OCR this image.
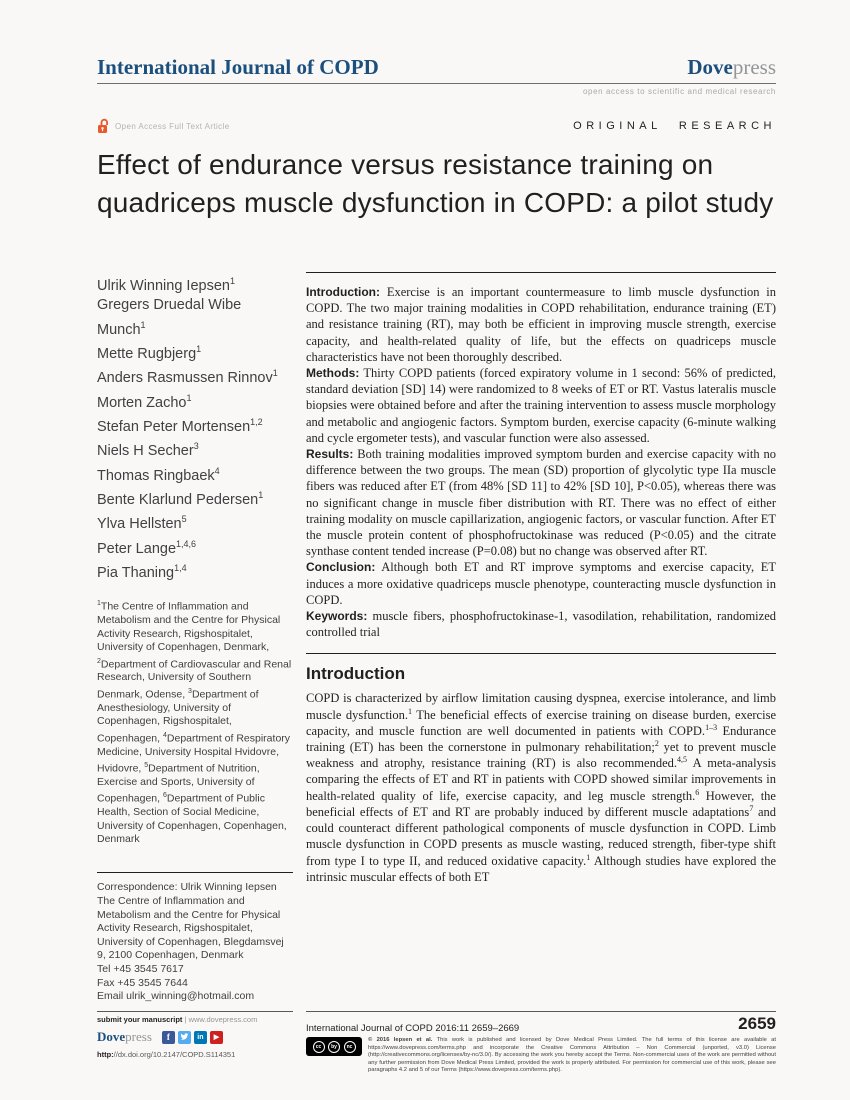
International Journal of COPD	Dovepress
open access to scientific and medical research
Open Access Full Text Article	ORIGINAL RESEARCH
Effect of endurance versus resistance training on quadriceps muscle dysfunction in COPD: a pilot study
Ulrik Winning Iepsen$^1$
Gregers Druedal Wibe Munch$^1$
Mette Rugbjerg$^1$
Anders Rasmussen Rinnov$^1$
Morten Zacho$^1$
Stefan Peter Mortensen$^{1,2}$
Niels H Secher$^3$
Thomas Ringbaek$^4$
Bente Klarlund Pedersen$^1$
Ylva Hellsten$^5$
Peter Lange$^{1,4,6}$
Pia Thaning$^{1,4}$
$^1$The Centre of Inflammation and Metabolism and the Centre for Physical Activity Research, Rigshospitalet, University of Copenhagen, Denmark, $^2$Department of Cardiovascular and Renal Research, University of Southern Denmark, Odense, $^3$Department of Anesthesiology, University of Copenhagen, Rigshospitalet, Copenhagen, $^4$Department of Respiratory Medicine, University Hospital Hvidovre, Hvidovre, $^5$Department of Nutrition, Exercise and Sports, University of Copenhagen, $^6$Department of Public Health, Section of Social Medicine, University of Copenhagen, Copenhagen, Denmark
Correspondence: Ulrik Winning Iepsen
The Centre of Inflammation and Metabolism and the Centre for Physical Activity Research, Rigshospitalet, University of Copenhagen, Blegdamsvej 9, 2100 Copenhagen, Denmark
Tel +45 3545 7617
Fax +45 3545 7644
Email ulrik_winning@hotmail.com

Introduction: Exercise is an important countermeasure to limb muscle dysfunction in COPD. The two major training modalities in COPD rehabilitation, endurance training (ET) and resistance training (RT), may both be efficient in improving muscle strength, exercise capacity, and health-related quality of life, but the effects on quadriceps muscle characteristics have not been thoroughly described.

Methods: Thirty COPD patients (forced expiratory volume in 1 second: 56% of predicted, standard deviation [SD] 14) were randomized to 8 weeks of ET or RT. Vastus lateralis muscle biopsies were obtained before and after the training intervention to assess muscle morphology and metabolic and angiogenic factors. Symptom burden, exercise capacity (6-minute walking and cycle ergometer tests), and vascular function were also assessed.

Results: Both training modalities improved symptom burden and exercise capacity with no difference between the two groups. The mean (SD) proportion of glycolytic type IIa muscle fibers was reduced after ET (from 48% [SD 11] to 42% [SD 10], P<0.05), whereas there was no significant change in muscle fiber distribution with RT. There was no effect of either training modality on muscle capillarization, angiogenic factors, or vascular function. After ET the muscle protein content of phosphofructokinase was reduced (P<0.05) and the citrate synthase content tended increase (P=0.08) but no change was observed after RT.

Conclusion: Although both ET and RT improve symptoms and exercise capacity, ET induces a more oxidative quadriceps muscle phenotype, counteracting muscle dysfunction in COPD.

Keywords: muscle fibers, phosphofructokinase-1, vasodilation, rehabilitation, randomized controlled trial

Introduction

COPD is characterized by airflow limitation causing dyspnea, exercise intolerance, and limb muscle dysfunction.$^1$ The beneficial effects of exercise training on disease burden, exercise capacity, and muscle function are well documented in patients with COPD.$^{1-3}$ Endurance training (ET) has been the cornerstone in pulmonary rehabilitation;$^2$ yet to prevent muscle weakness and atrophy, resistance training (RT) is also recommended.$^{4,5}$ A meta-analysis comparing the effects of ET and RT in patients with COPD showed similar improvements in health-related quality of life, exercise capacity, and leg muscle strength.$^6$ However, the beneficial effects of ET and RT are probably induced by different muscle adaptations$^7$ and could counteract different pathological components of muscle dysfunction in COPD. Limb muscle dysfunction in COPD presents as muscle wasting, reduced strength, fiber-type shift from type I to type II, and reduced oxidative capacity.$^1$ Although studies have explored the intrinsic muscular effects of both ET

submit your manuscript | www.dovepress.com
Dovepress	f	in	▶
http://dx.doi.org/10.2147/COPD.S114351
International Journal of COPD 2016:11 2659–2669	2659
cc	by	nc
© 2016 Iepsen et al. This work is published and licensed by Dove Medical Press Limited. The full terms of this license are available at https://www.dovepress.com/terms.php and incorporate the Creative Commons Attribution – Non Commercial (unported, v3.0) License (http://creativecommons.org/licenses/by-nc/3.0/). By accessing the work you hereby accept the Terms. Non-commercial uses of the work are permitted without any further permission from Dove Medical Press Limited, provided the work is properly attributed. For permission for commercial use of this work, please see paragraphs 4.2 and 5 of our Terms (https://www.dovepress.com/terms.php).
